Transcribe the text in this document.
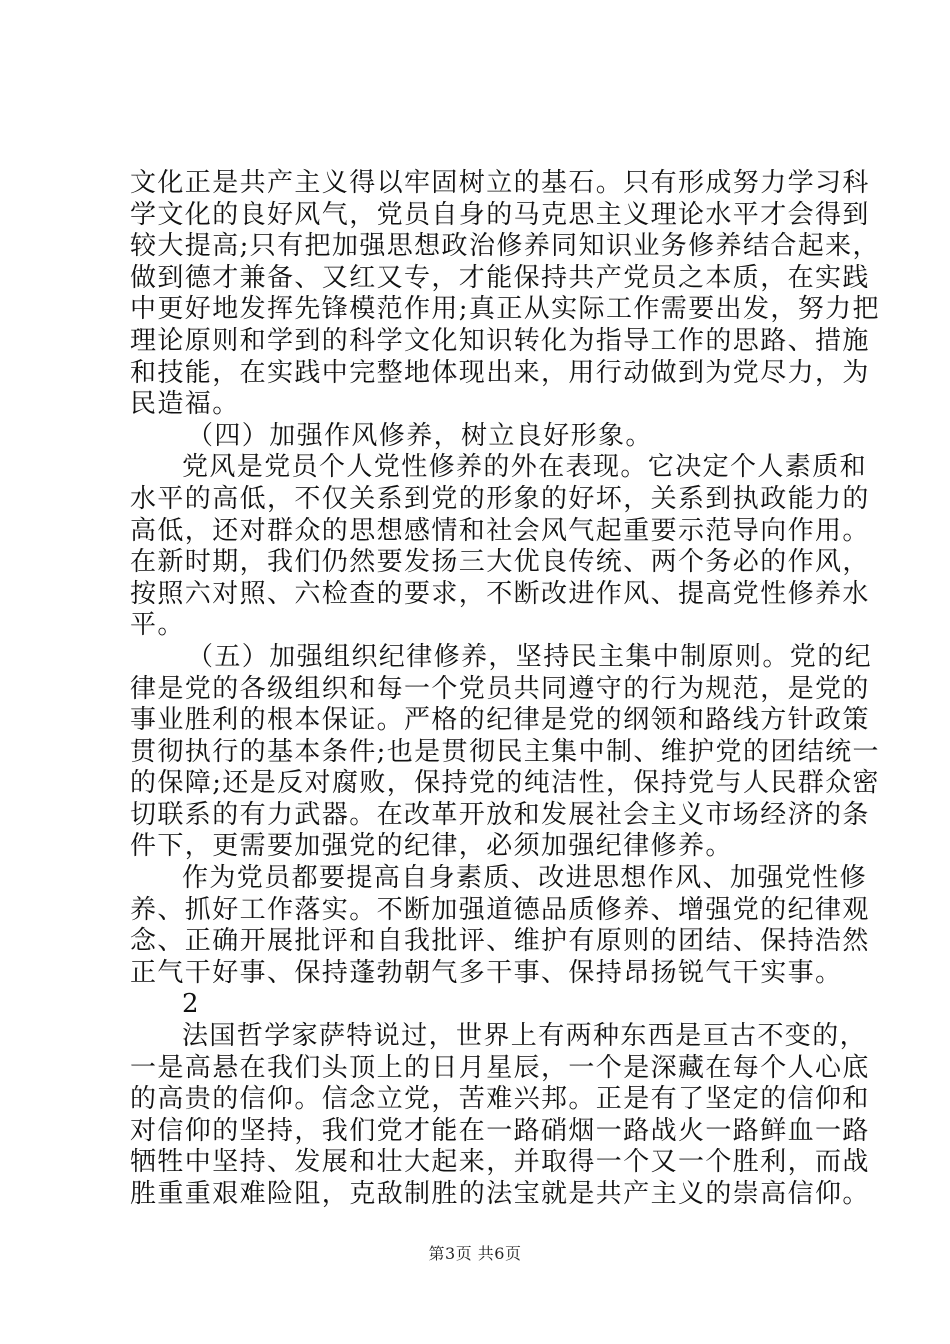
文化正是共产主义得以牢固树立的基石。只有形成努力学习科
学文化的良好风气，党员自身的马克思主义理论水平才会得到
较大提高;只有把加强思想政治修养同知识业务修养结合起来，
做到德才兼备、又红又专，才能保持共产党员之本质，在实践
中更好地发挥先锋模范作用;真正从实际工作需要出发，努力把
理论原则和学到的科学文化知识转化为指导工作的思路、措施
和技能，在实践中完整地体现出来，用行动做到为党尽力，为
民造福。
（四）加强作风修养，树立良好形象。
党风是党员个人党性修养的外在表现。它决定个人素质和
水平的高低，不仅关系到党的形象的好坏，关系到执政能力的
高低，还对群众的思想感情和社会风气起重要示范导向作用。
在新时期，我们仍然要发扬三大优良传统、两个务必的作风，
按照六对照、六检查的要求，不断改进作风、提高党性修养水
平。
（五）加强组织纪律修养，坚持民主集中制原则。党的纪
律是党的各级组织和每一个党员共同遵守的行为规范，是党的
事业胜利的根本保证。严格的纪律是党的纲领和路线方针政策
贯彻执行的基本条件;也是贯彻民主集中制、维护党的团结统一
的保障;还是反对腐败，保持党的纯洁性，保持党与人民群众密
切联系的有力武器。在改革开放和发展社会主义市场经济的条
件下，更需要加强党的纪律，必须加强纪律修养。
作为党员都要提高自身素质、改进思想作风、加强党性修
养、抓好工作落实。不断加强道德品质修养、增强党的纪律观
念、正确开展批评和自我批评、维护有原则的团结、保持浩然
正气干好事、保持蓬勃朝气多干事、保持昂扬锐气干实事。
2
法国哲学家萨特说过，世界上有两种东西是亘古不变的，
一是高悬在我们头顶上的日月星辰，一个是深藏在每个人心底
的高贵的信仰。信念立党，苦难兴邦。正是有了坚定的信仰和
对信仰的坚持，我们党才能在一路硝烟一路战火一路鲜血一路
牺牲中坚持、发展和壮大起来，并取得一个又一个胜利，而战
胜重重艰难险阻，克敌制胜的法宝就是共产主义的崇高信仰。
第3页 共6页
